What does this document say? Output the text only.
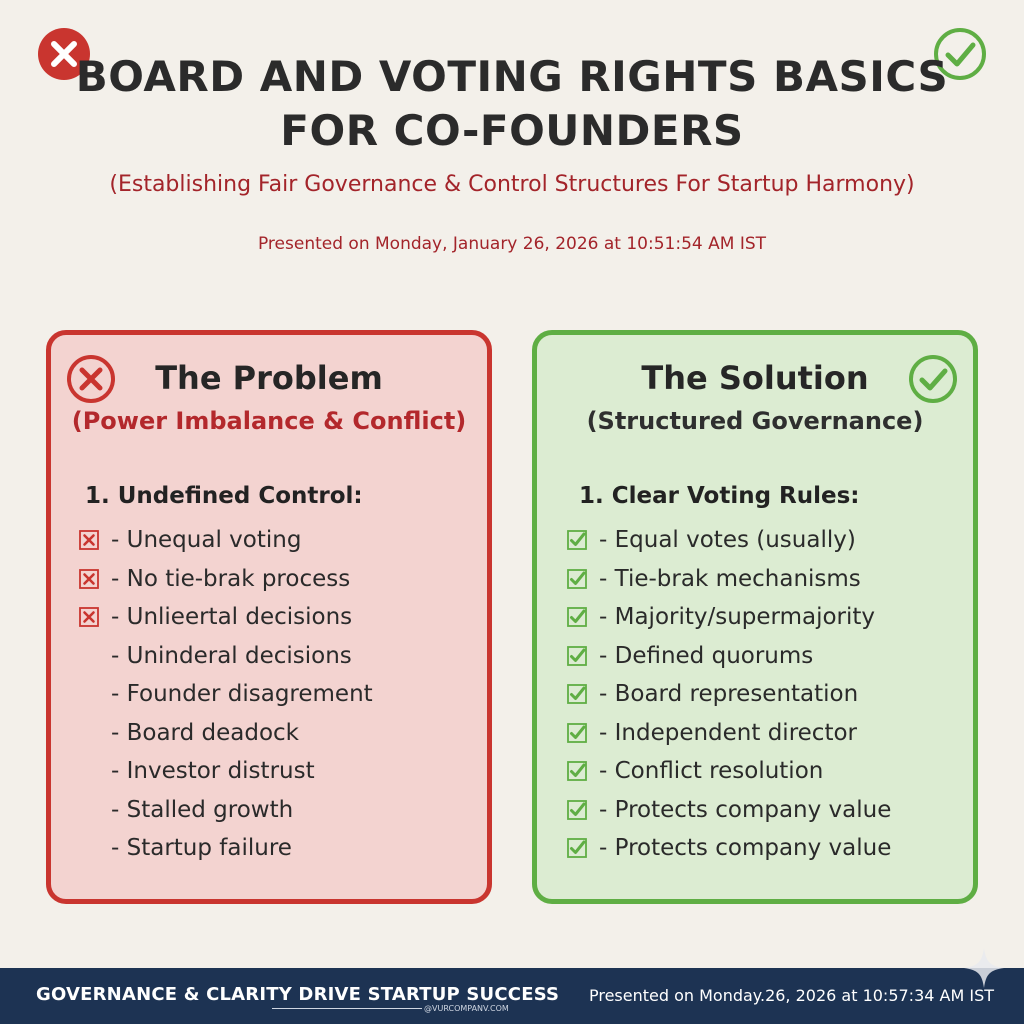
BOARD AND VOTING RIGHTS BASICS
FOR CO-FOUNDERS
(Establishing Fair Governance & Control Structures For Startup Harmony)
Presented on Monday, January 26, 2026 at 10:51:54 AM IST
The Problem
(Power Imbalance & Conflict)
1. Undefined Control:
- Unequal voting
- No tie-brak process
- Unlieertal decisions
- Uninderal decisions
- Founder disagrement
- Board deadock
- Investor distrust
- Stalled growth
- Startup failure
The Solution
(Structured Governance)
1. Clear Voting Rules:
- Equal votes (usually)
- Tie-brak mechanisms
- Majority/supermajority
- Defined quorums
- Board representation
- Independent director
- Conflict resolution
- Protects company value
- Protects company value
GOVERNANCE & CLARITY DRIVE STARTUP SUCCESS
@VURCOMPANV.COM
Presented on Monday.26, 2026 at 10:57:34 AM IST
